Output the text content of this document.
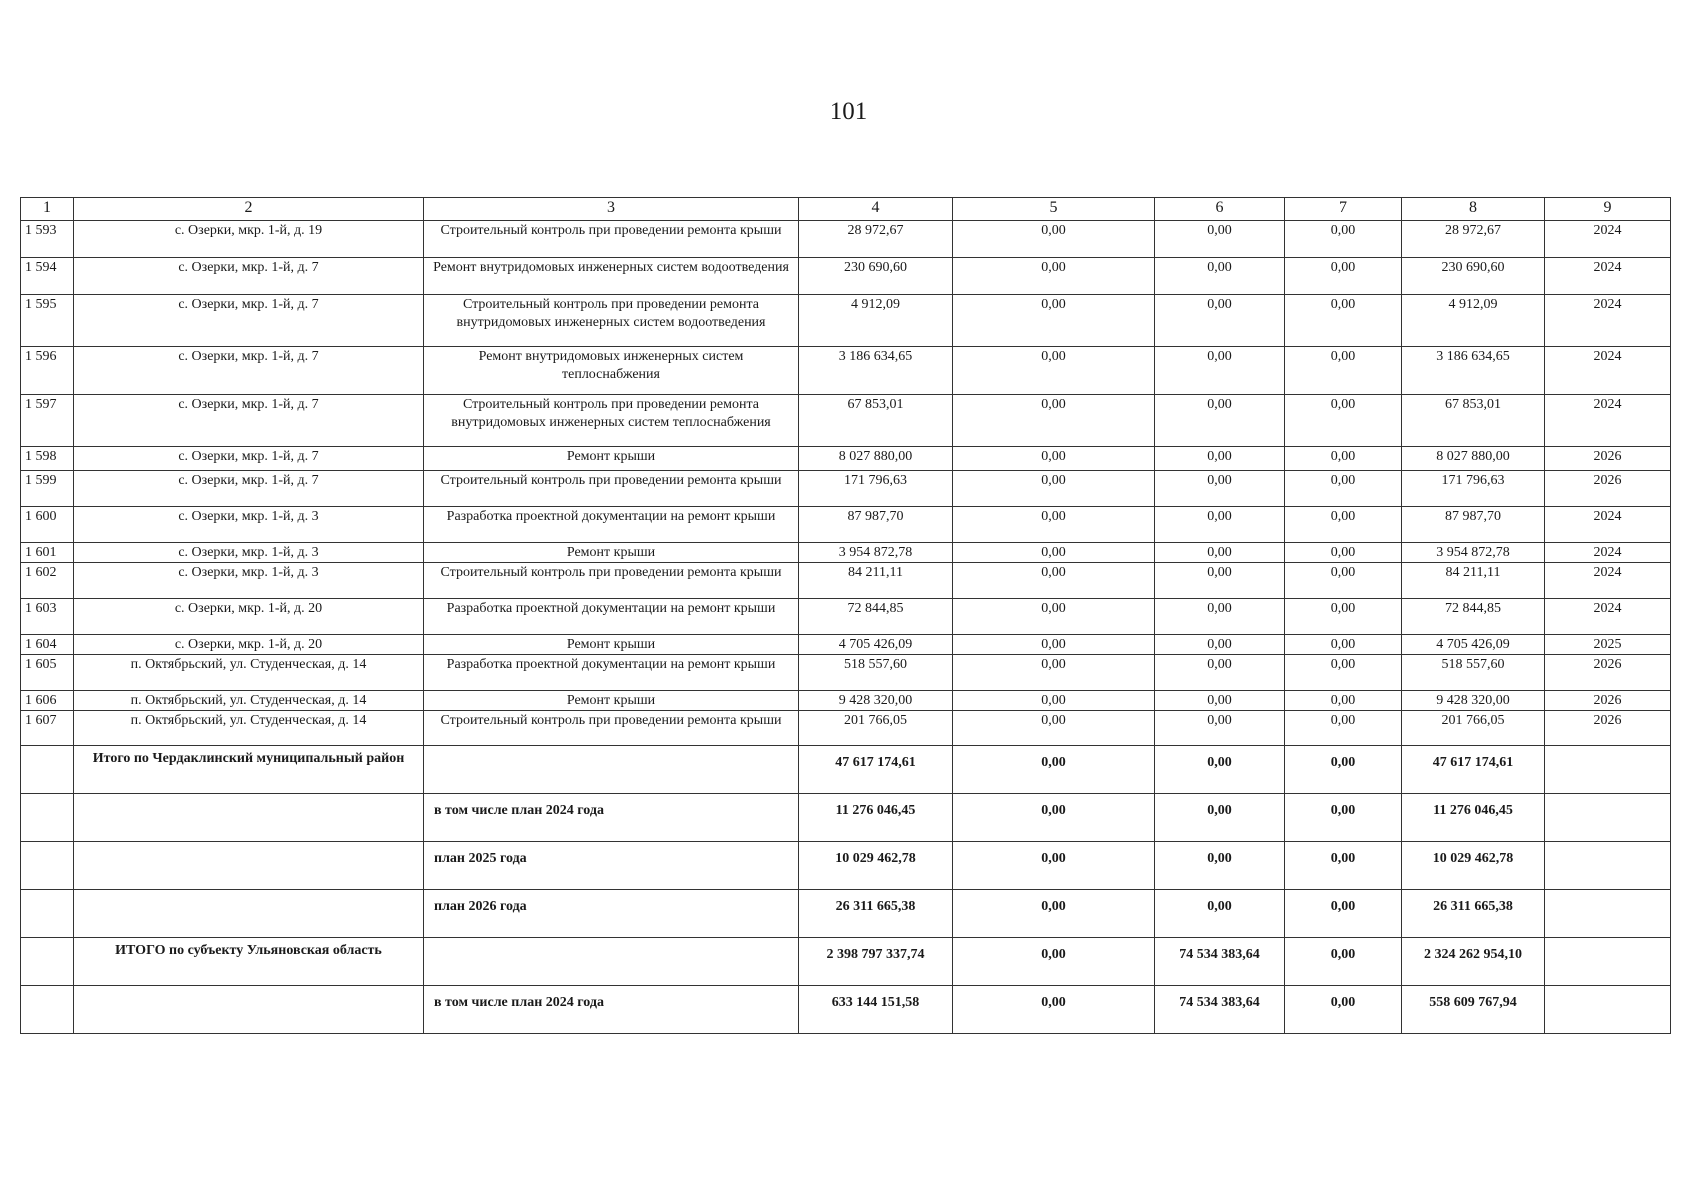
101
1	2	3	4	5	6	7	8	9
1 593	с. Озерки, мкр. 1-й, д. 19	Строительный контроль при проведении ремонта крыши	28 972,67	0,00	0,00	0,00	28 972,67	2024
1 594	с. Озерки, мкр. 1-й, д. 7	Ремонт внутридомовых инженерных систем водоотведения	230 690,60	0,00	0,00	0,00	230 690,60	2024
1 595	с. Озерки, мкр. 1-й, д. 7	Строительный контроль при проведении ремонта внутридомовых инженерных систем водоотведения	4 912,09	0,00	0,00	0,00	4 912,09	2024
1 596	с. Озерки, мкр. 1-й, д. 7	Ремонт внутридомовых инженерных систем теплоснабжения	3 186 634,65	0,00	0,00	0,00	3 186 634,65	2024
1 597	с. Озерки, мкр. 1-й, д. 7	Строительный контроль при проведении ремонта внутридомовых инженерных систем теплоснабжения	67 853,01	0,00	0,00	0,00	67 853,01	2024
1 598	с. Озерки, мкр. 1-й, д. 7	Ремонт крыши	8 027 880,00	0,00	0,00	0,00	8 027 880,00	2026
1 599	с. Озерки, мкр. 1-й, д. 7	Строительный контроль при проведении ремонта крыши	171 796,63	0,00	0,00	0,00	171 796,63	2026
1 600	с. Озерки, мкр. 1-й, д. 3	Разработка проектной документации на ремонт крыши	87 987,70	0,00	0,00	0,00	87 987,70	2024
1 601	с. Озерки, мкр. 1-й, д. 3	Ремонт крыши	3 954 872,78	0,00	0,00	0,00	3 954 872,78	2024
1 602	с. Озерки, мкр. 1-й, д. 3	Строительный контроль при проведении ремонта крыши	84 211,11	0,00	0,00	0,00	84 211,11	2024
1 603	с. Озерки, мкр. 1-й, д. 20	Разработка проектной документации на ремонт крыши	72 844,85	0,00	0,00	0,00	72 844,85	2024
1 604	с. Озерки, мкр. 1-й, д. 20	Ремонт крыши	4 705 426,09	0,00	0,00	0,00	4 705 426,09	2025
1 605	п. Октябрьский, ул. Студенческая, д. 14	Разработка проектной документации на ремонт крыши	518 557,60	0,00	0,00	0,00	518 557,60	2026
1 606	п. Октябрьский, ул. Студенческая, д. 14	Ремонт крыши	9 428 320,00	0,00	0,00	0,00	9 428 320,00	2026
1 607	п. Октябрьский, ул. Студенческая, д. 14	Строительный контроль при проведении ремонта крыши	201 766,05	0,00	0,00	0,00	201 766,05	2026
	Итого по Чердаклинский муниципальный район		47 617 174,61	0,00	0,00	0,00	47 617 174,61	
		в том числе план 2024 года	11 276 046,45	0,00	0,00	0,00	11 276 046,45	
		план 2025 года	10 029 462,78	0,00	0,00	0,00	10 029 462,78	
		план 2026 года	26 311 665,38	0,00	0,00	0,00	26 311 665,38	
	ИТОГО по субъекту Ульяновская область		2 398 797 337,74	0,00	74 534 383,64	0,00	2 324 262 954,10	
		в том числе план 2024 года	633 144 151,58	0,00	74 534 383,64	0,00	558 609 767,94	
